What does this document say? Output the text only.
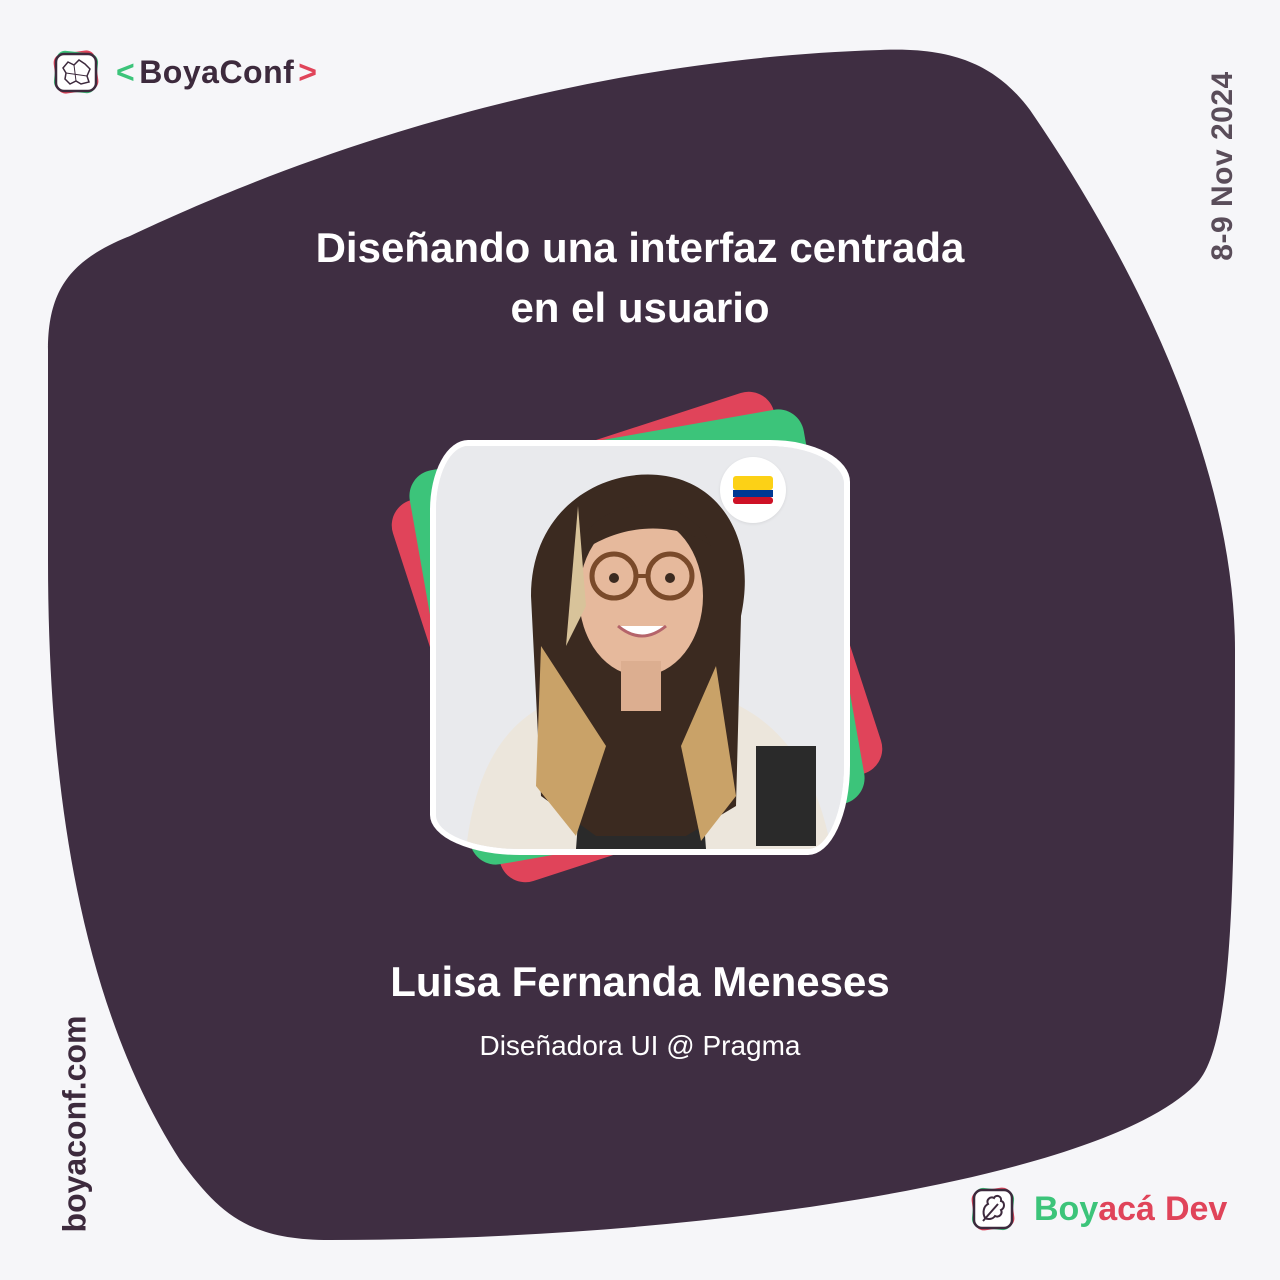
< BoyaConf >	8-9 Nov 2024
boyaconf.com
Diseñando una interfaz centrada
en el usuario
Luisa Fernanda Meneses
Diseñadora UI @ Pragma
Boyacá Dev
